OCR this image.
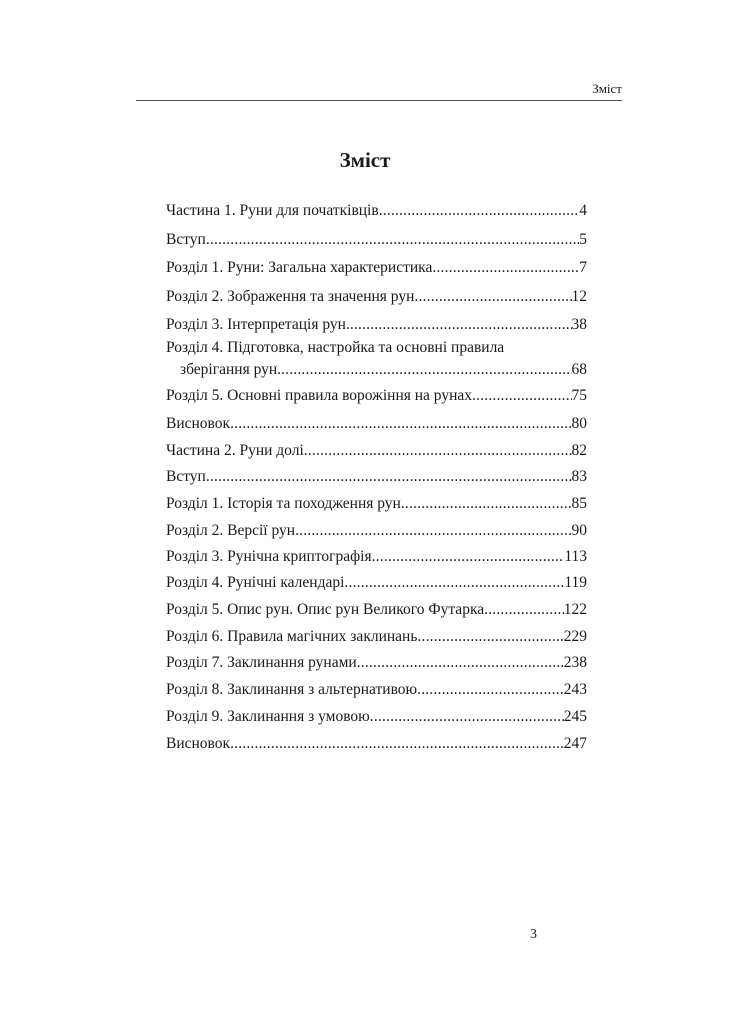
Зміст
Зміст
Частина 1. Руни для початківців .....	4
Вступ .....	5
Розділ 1. Руни: Загальна характеристика .....	7
Розділ 2. Зображення та значення рун .....	12
Розділ 3. Інтерпретація рун. .....	38
Розділ 4. Підготовка, настройка та основні правила
зберігання рун. .....	68
Розділ 5. Основні правила ворожіння на рунах .....	75
Висновок .....	80
Частина 2. Руни долі .....	82
Вступ .....	83
Розділ 1. Історія та походження рун .....	85
Розділ 2. Версії рун .....	90
Розділ 3. Рунічна криптографія .....	113
Розділ 4. Рунічні календарі .....	119
Розділ 5. Опис рун. Опис рун Великого Футарка .....	122
Розділ 6. Правила магічних заклинань .....	229
Розділ 7. Заклинання рунами .....	238
Розділ 8. Заклинання з альтернативою .....	243
Розділ 9. Заклинання з умовою .....	245
Висновок .....	247
3
